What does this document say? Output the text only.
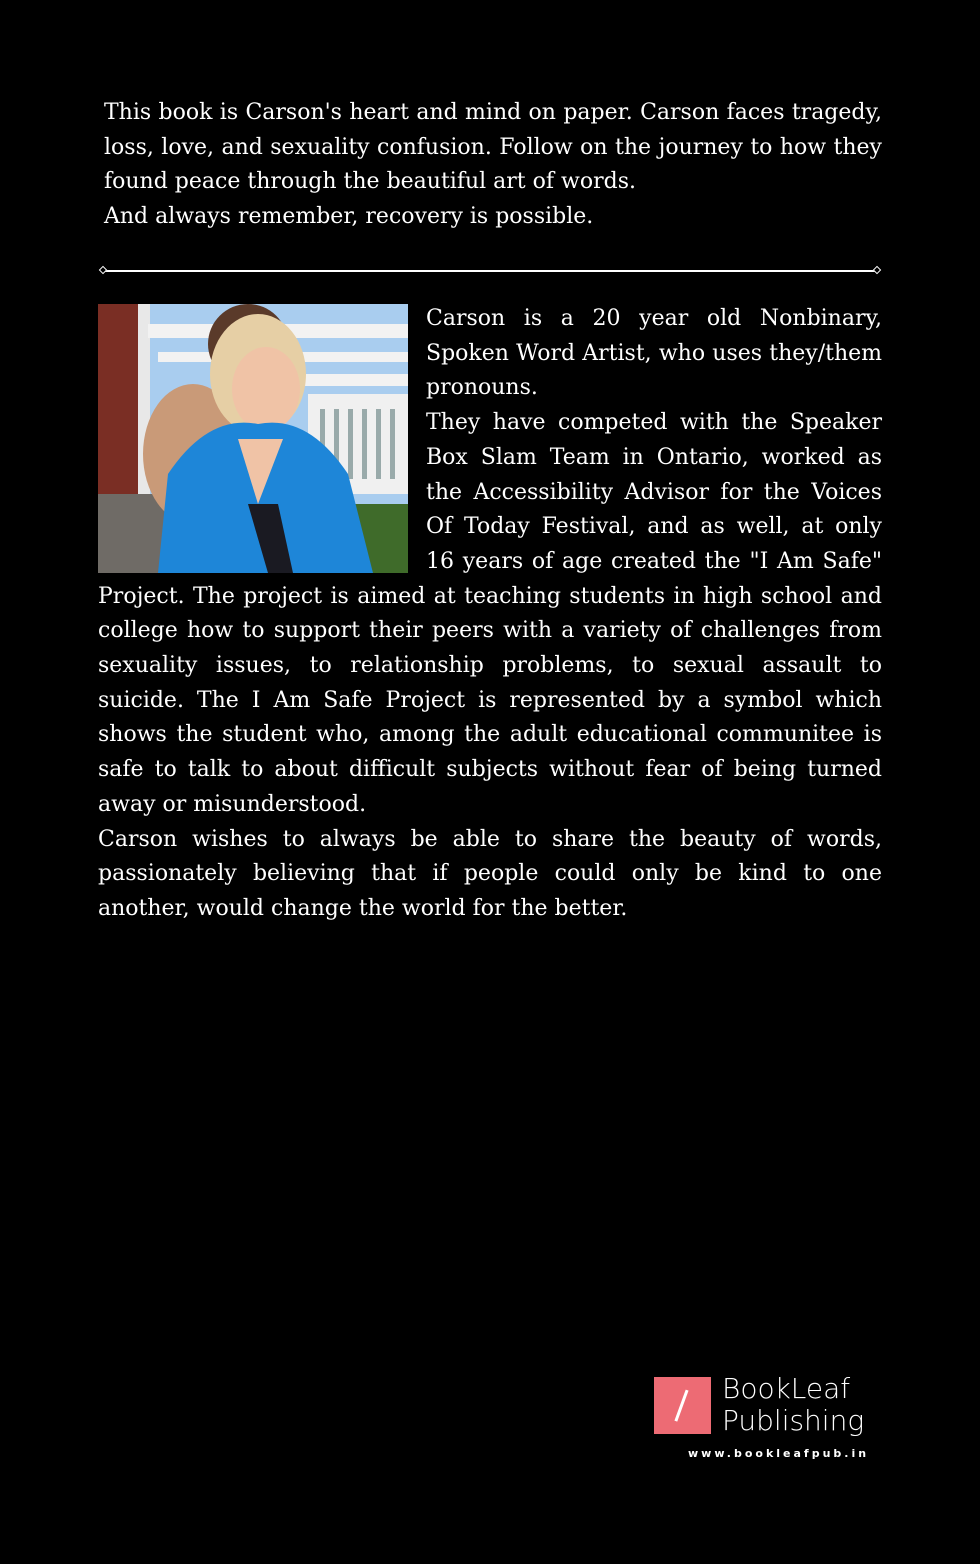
This book is Carson's heart and mind on paper. Carson faces tragedy, loss, love, and sexuality confusion. Follow on the journey to how they found peace through the beautiful art of words.

And always remember, recovery is possible.

Carson is a 20 year old Nonbinary, Spoken Word Artist, who uses they/them pronouns.

They have competed with the Speaker Box Slam Team in Ontario, worked as the Accessibility Advisor for the Voices Of Today Festival, and as well, at only 16 years of age created the "I Am Safe" Project. The project is aimed at teaching students in high school and college how to support their peers with a variety of challenges from sexuality issues, to relationship problems, to sexual assault to suicide. The I Am Safe Project is represented by a symbol which shows the student who, among the adult educational communitee is safe to talk to about difficult subjects without fear of being turned away or misunderstood.

Carson wishes to always be able to share the beauty of words, passionately believing that if people could only be kind to one another, would change the world for the better.

BookLeaf
Publishing
www.bookleafpub.in
